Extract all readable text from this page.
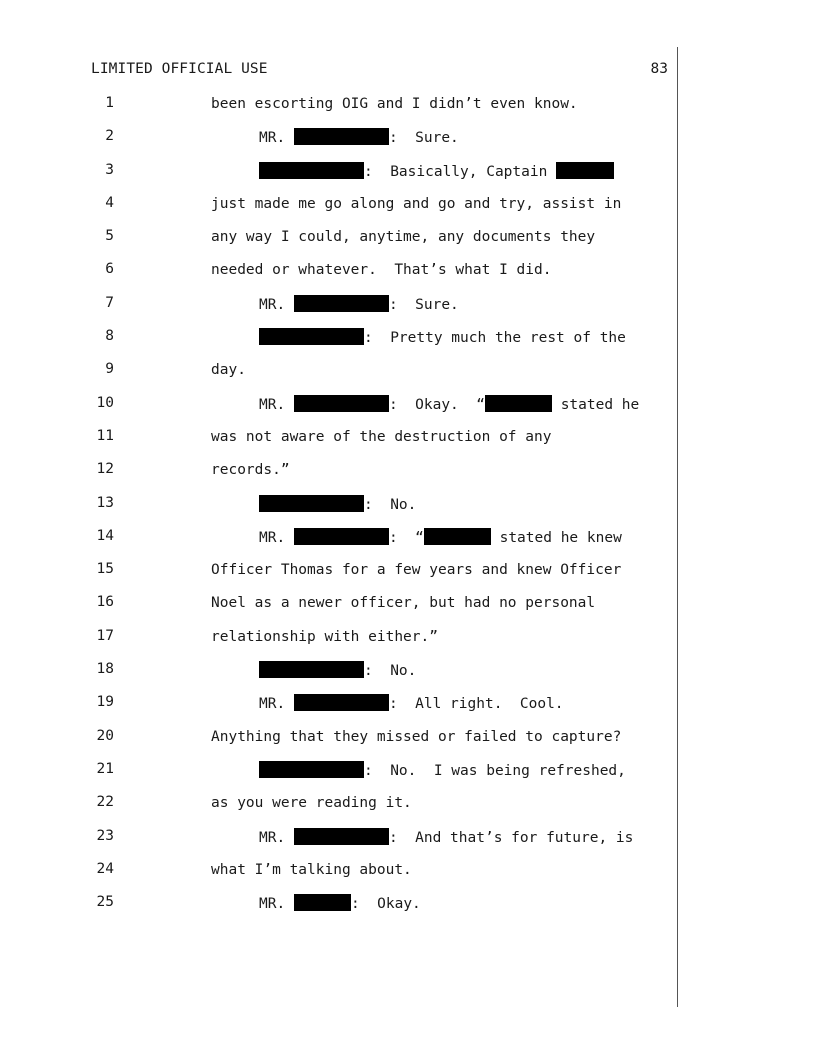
LIMITED OFFICIAL USE	83
1	been escorting OIG and I didn’t even know.
2	MR.	:  Sure.
3	:  Basically, Captain
4	just made me go along and go and try, assist in
5	any way I could, anytime, any documents they
6	needed or whatever.  That’s what I did.
7	MR.	:  Sure.
8	:  Pretty much the rest of the
9	day.
10	MR.	:  Okay.  “	stated he
11	was not aware of the destruction of any
12	records.”
13	:  No.
14	MR.	:  “	stated he knew
15	Officer Thomas for a few years and knew Officer
16	Noel as a newer officer, but had no personal
17	relationship with either.”
18	:  No.
19	MR.	:  All right.  Cool.
20	Anything that they missed or failed to capture?
21	:  No.  I was being refreshed,
22	as you were reading it.
23	MR.	:  And that’s for future, is
24	what I’m talking about.
25	MR.	:  Okay.
